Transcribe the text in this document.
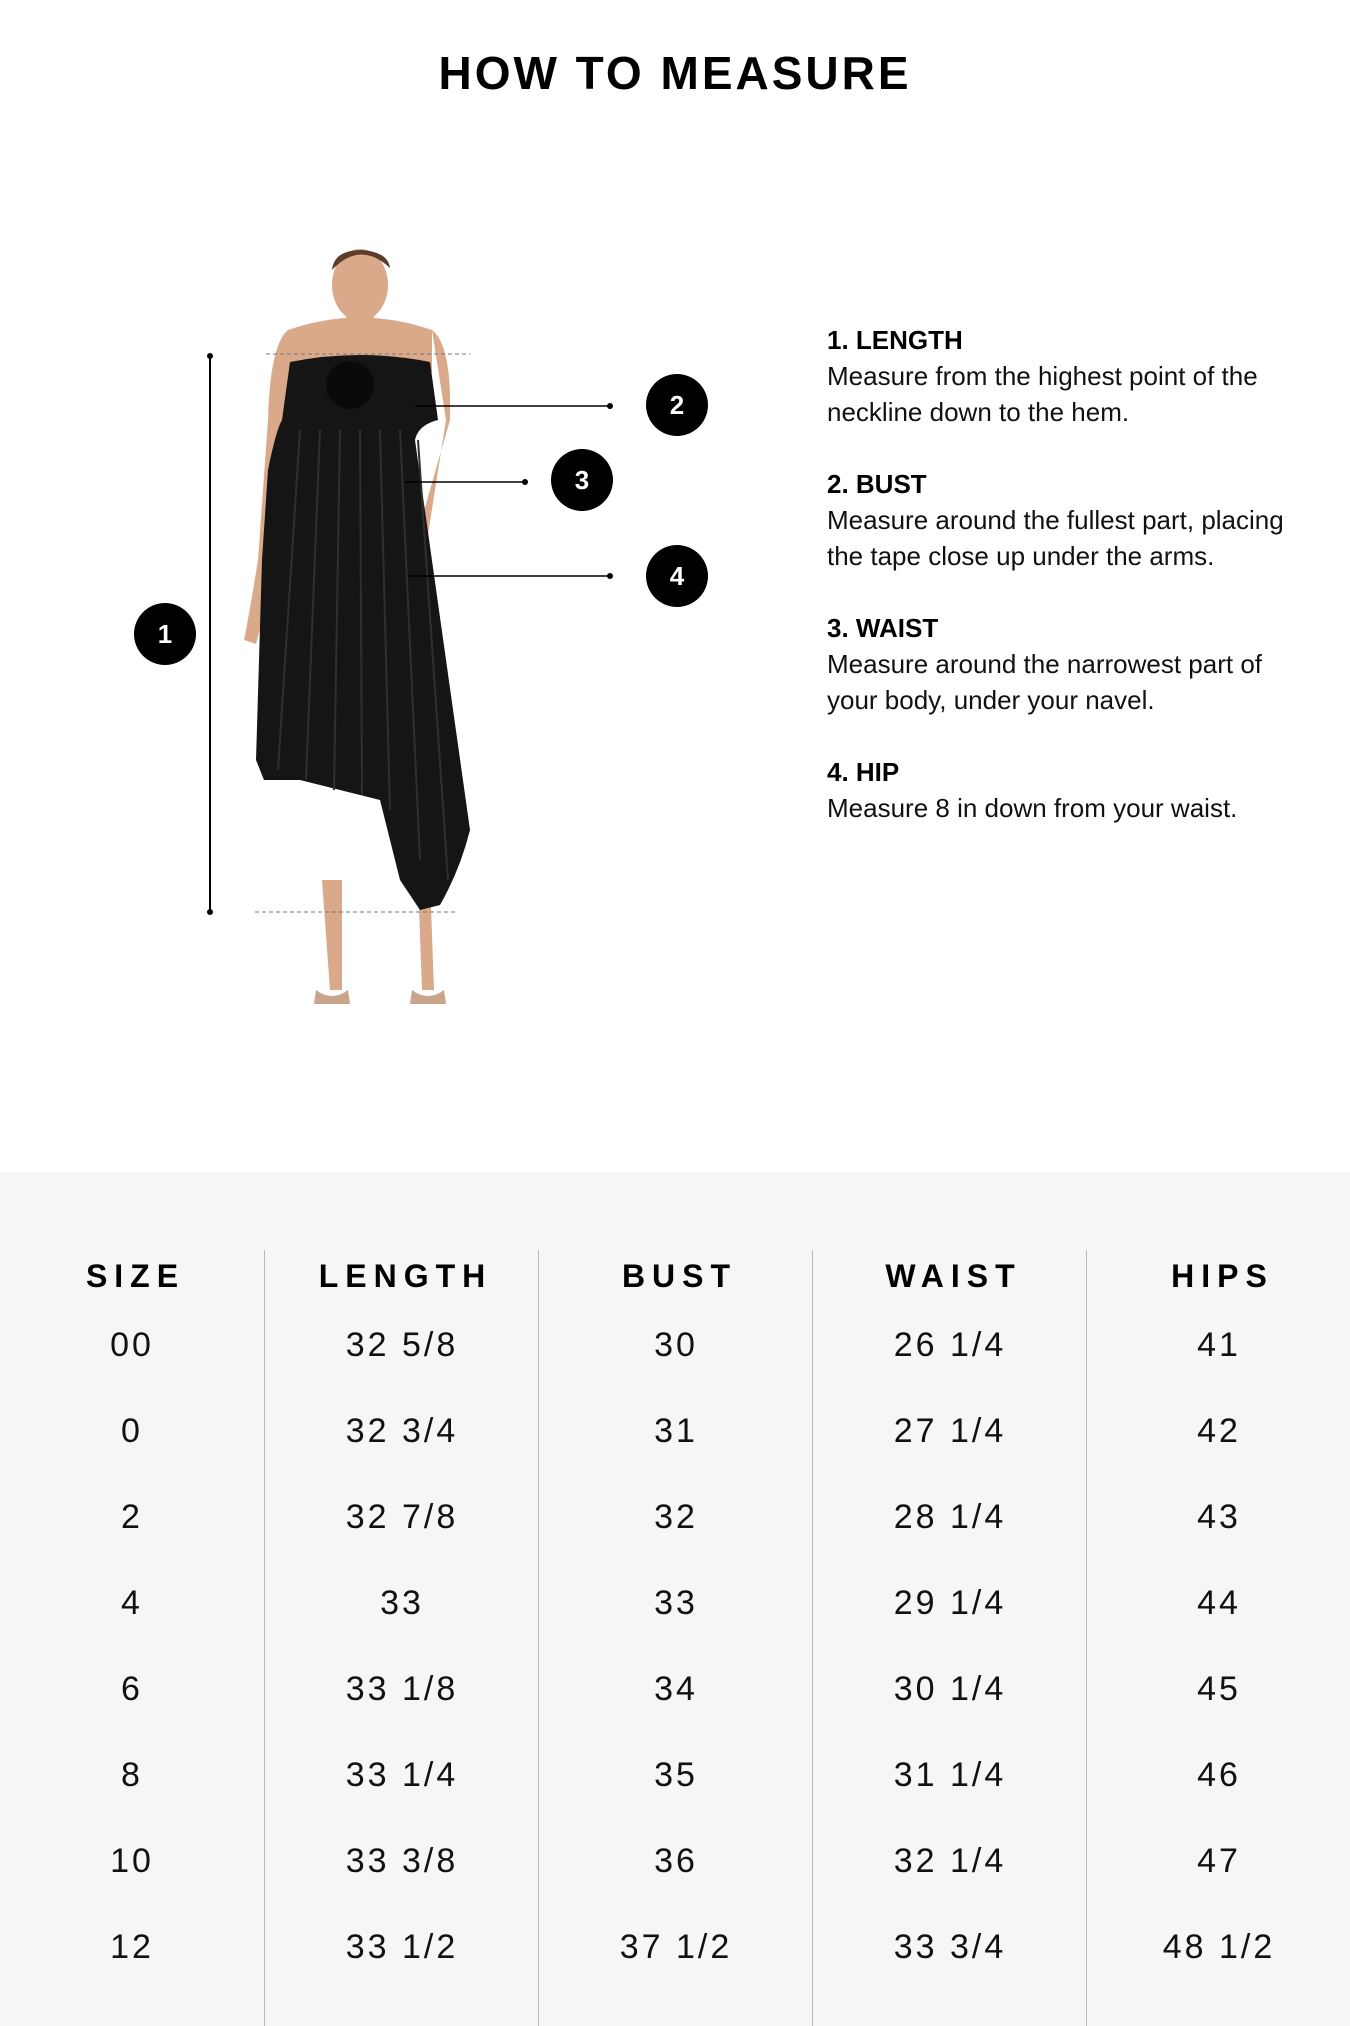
HOW TO MEASURE
1
2
3
4
1. LENGTH
Measure from the highest point of the neckline down to the hem.
2. BUST
Measure around the fullest part, placing the tape close up under the arms.
3. WAIST
Measure around the narrowest part of your body, under your navel.
4. HIP
Measure 8 in down from your waist.
SIZE
00
0
2
4
6
8
10
12
LENGTH
32 5/8
32 3/4
32 7/8
33
33 1/8
33 1/4
33 3/8
33 1/2
BUST
30
31
32
33
34
35
36
37 1/2
WAIST
26 1/4
27 1/4
28 1/4
29 1/4
30 1/4
31 1/4
32 1/4
33 3/4
HIPS
41
42
43
44
45
46
47
48 1/2
